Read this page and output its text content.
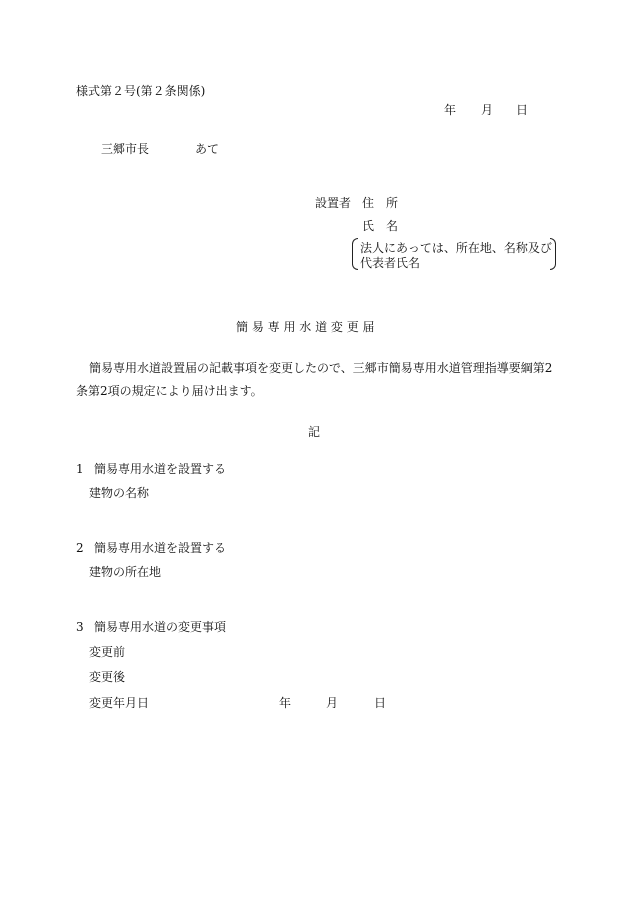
様式第２号(第２条関係)
年 月 日
三郷市長	あて
設置者 住　所
氏　名
法人にあっては、所在地、名称及び
代表者氏名
簡 易 専 用 水 道 変 更 届
簡易専用水道設置届の記載事項を変更したので、三郷市簡易専用水道管理指導要綱第2
条第2項の規定により届け出ます。
記
1 簡易専用水道を設置する
建物の名称
2 簡易専用水道を設置する
建物の所在地
3 簡易専用水道の変更事項
変更前
変更後
変更年月日	年	月	日
